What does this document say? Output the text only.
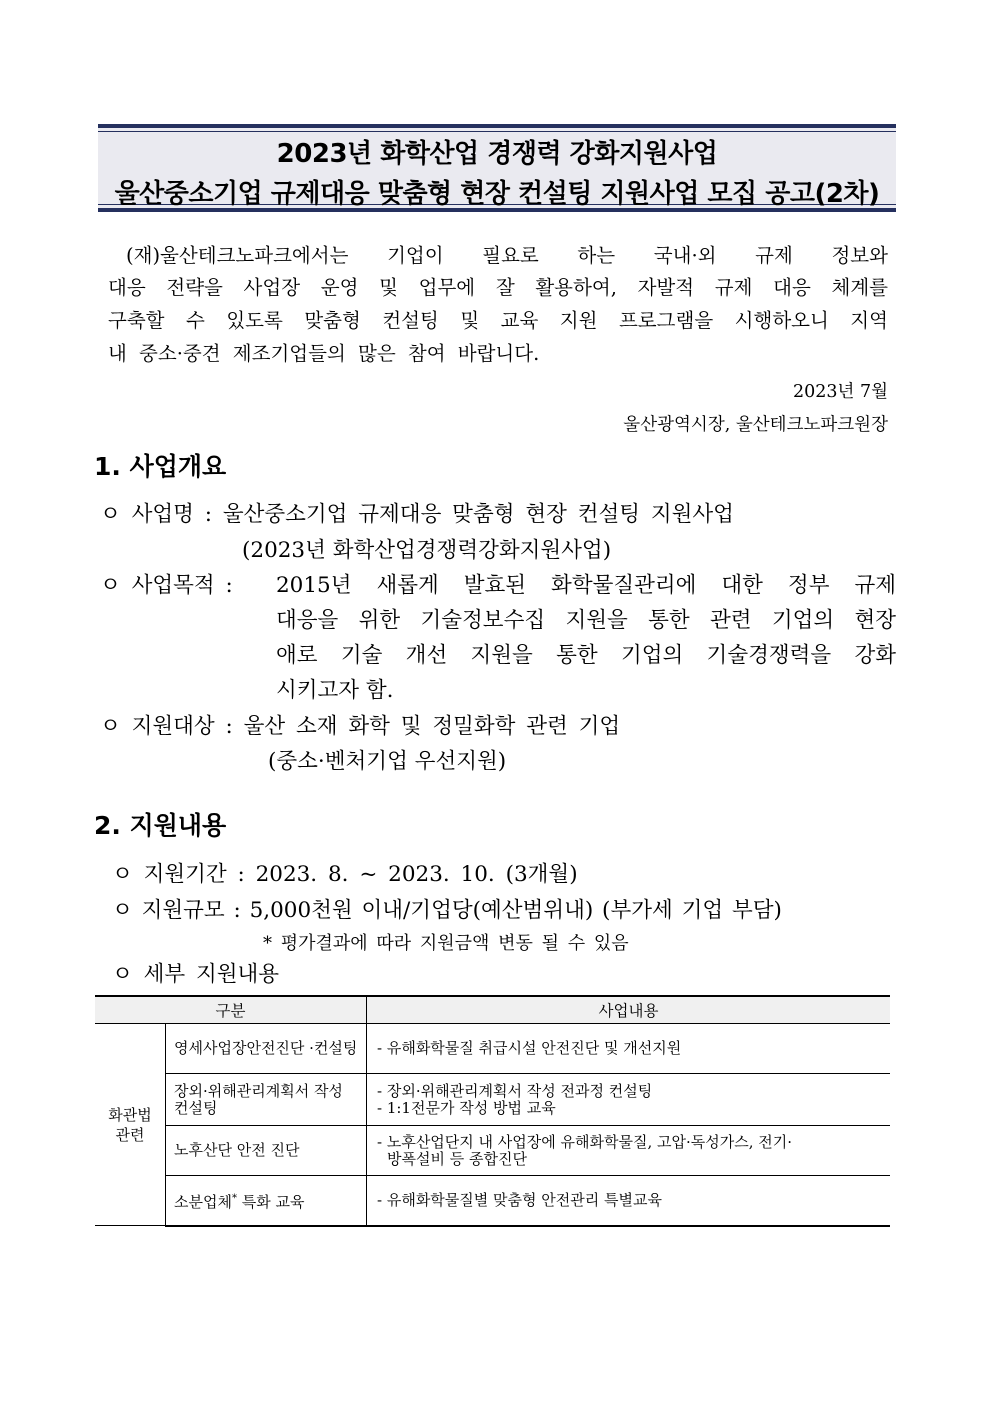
2023년 화학산업 경쟁력 강화지원사업
울산중소기업 규제대응 맞춤형 현장 컨설팅 지원사업 모집 공고(2차)
(재)울산테크노파크에서는 기업이 필요로 하는 국내·외 규제 정보와
대응 전략을 사업장 운영 및 업무에 잘 활용하여, 자발적 규제 대응 체계를
구축할 수 있도록 맞춤형 컨설팅 및 교육 지원 프로그램을 시행하오니 지역
내 중소·중견 제조기업들의 많은 참여 바랍니다.
2023년 7월
울산광역시장, 울산테크노파크원장
1. 사업개요
ㅇ 사업명 : 울산중소기업 규제대응 맞춤형 현장 컨설팅 지원사업
(2023년 화학산업경쟁력강화지원사업)
ㅇ 사업목적 : 2015년 새롭게 발효된 화학물질관리에 대한 정부 규제
대응을 위한 기술정보수집 지원을 통한 관련 기업의 현장
애로 기술 개선 지원을 통한 기업의 기술경쟁력을 강화
시키고자 함.
ㅇ 지원대상 : 울산 소재 화학 및 정밀화학 관련 기업
(중소·벤처기업 우선지원)
2. 지원내용
ㅇ 지원기간 : 2023. 8. ~ 2023. 10. (3개월)
ㅇ 지원규모 : 5,000천원 이내/기업당(예산범위내) (부가세 기업 부담)
* 평가결과에 따라 지원금액 변동 될 수 있음
ㅇ 세부 지원내용
구분		사업내용
화관법 관련	영세사업장안전진단 ·컨설팅	- 유해화학물질 취급시설 안전진단 및 개선지원
	장외·위해관리계획서 작성 컨설팅	- 장외·위해관리계획서 작성 전과정 컨설팅
- 1:1전문가 작성 방법 교육

	노후산단 안전 진단	- 노후산업단지 내 사업장에 유해화학물질, 고압·독성가스, 전기·
방폭설비 등 종합진단

	소분업체* 특화 교육	- 유해화학물질별 맞춤형 안전관리 특별교육
